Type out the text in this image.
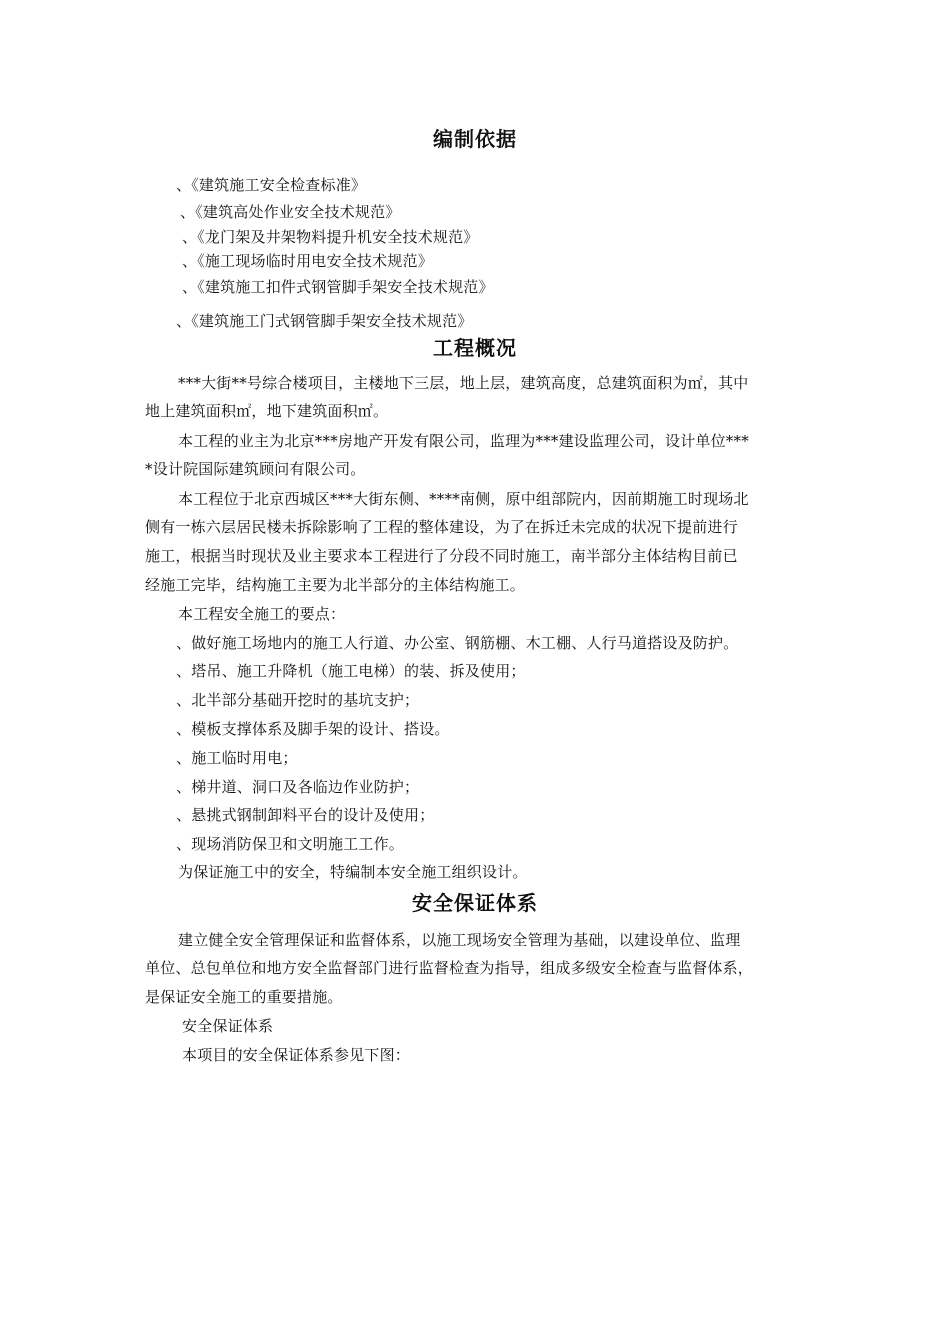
编制依据
、《建筑施工安全检查标准》
、《建筑高处作业安全技术规范》
、《龙门架及井架物料提升机安全技术规范》
、《施工现场临时用电安全技术规范》
、《建筑施工扣件式钢管脚手架安全技术规范》
、《建筑施工门式钢管脚手架安全技术规范》
工程概况
***大街**号综合楼项目，主楼地下三层，地上层，建筑高度，总建筑面积为㎡，其中
地上建筑面积㎡，地下建筑面积㎡。
本工程的业主为北京***房地产开发有限公司，监理为***建设监理公司，设计单位***
*设计院国际建筑顾问有限公司。
本工程位于北京西城区***大街东侧、****南侧，原中组部院内，因前期施工时现场北
侧有一栋六层居民楼未拆除影响了工程的整体建设，为了在拆迁未完成的状况下提前进行
施工，根据当时现状及业主要求本工程进行了分段不同时施工，南半部分主体结构目前已
经施工完毕，结构施工主要为北半部分的主体结构施工。
本工程安全施工的要点：
、做好施工场地内的施工人行道、办公室、钢筋棚、木工棚、人行马道搭设及防护。
、塔吊、施工升降机（施工电梯）的装、拆及使用；
、北半部分基础开挖时的基坑支护；
、模板支撑体系及脚手架的设计、搭设。
、施工临时用电；
、梯井道、洞口及各临边作业防护；
、悬挑式钢制卸料平台的设计及使用；
、现场消防保卫和文明施工工作。
为保证施工中的安全，特编制本安全施工组织设计。
安全保证体系
建立健全安全管理保证和监督体系，以施工现场安全管理为基础，以建设单位、监理
单位、总包单位和地方安全监督部门进行监督检查为指导，组成多级安全检查与监督体系，
是保证安全施工的重要措施。
安全保证体系
本项目的安全保证体系参见下图：
